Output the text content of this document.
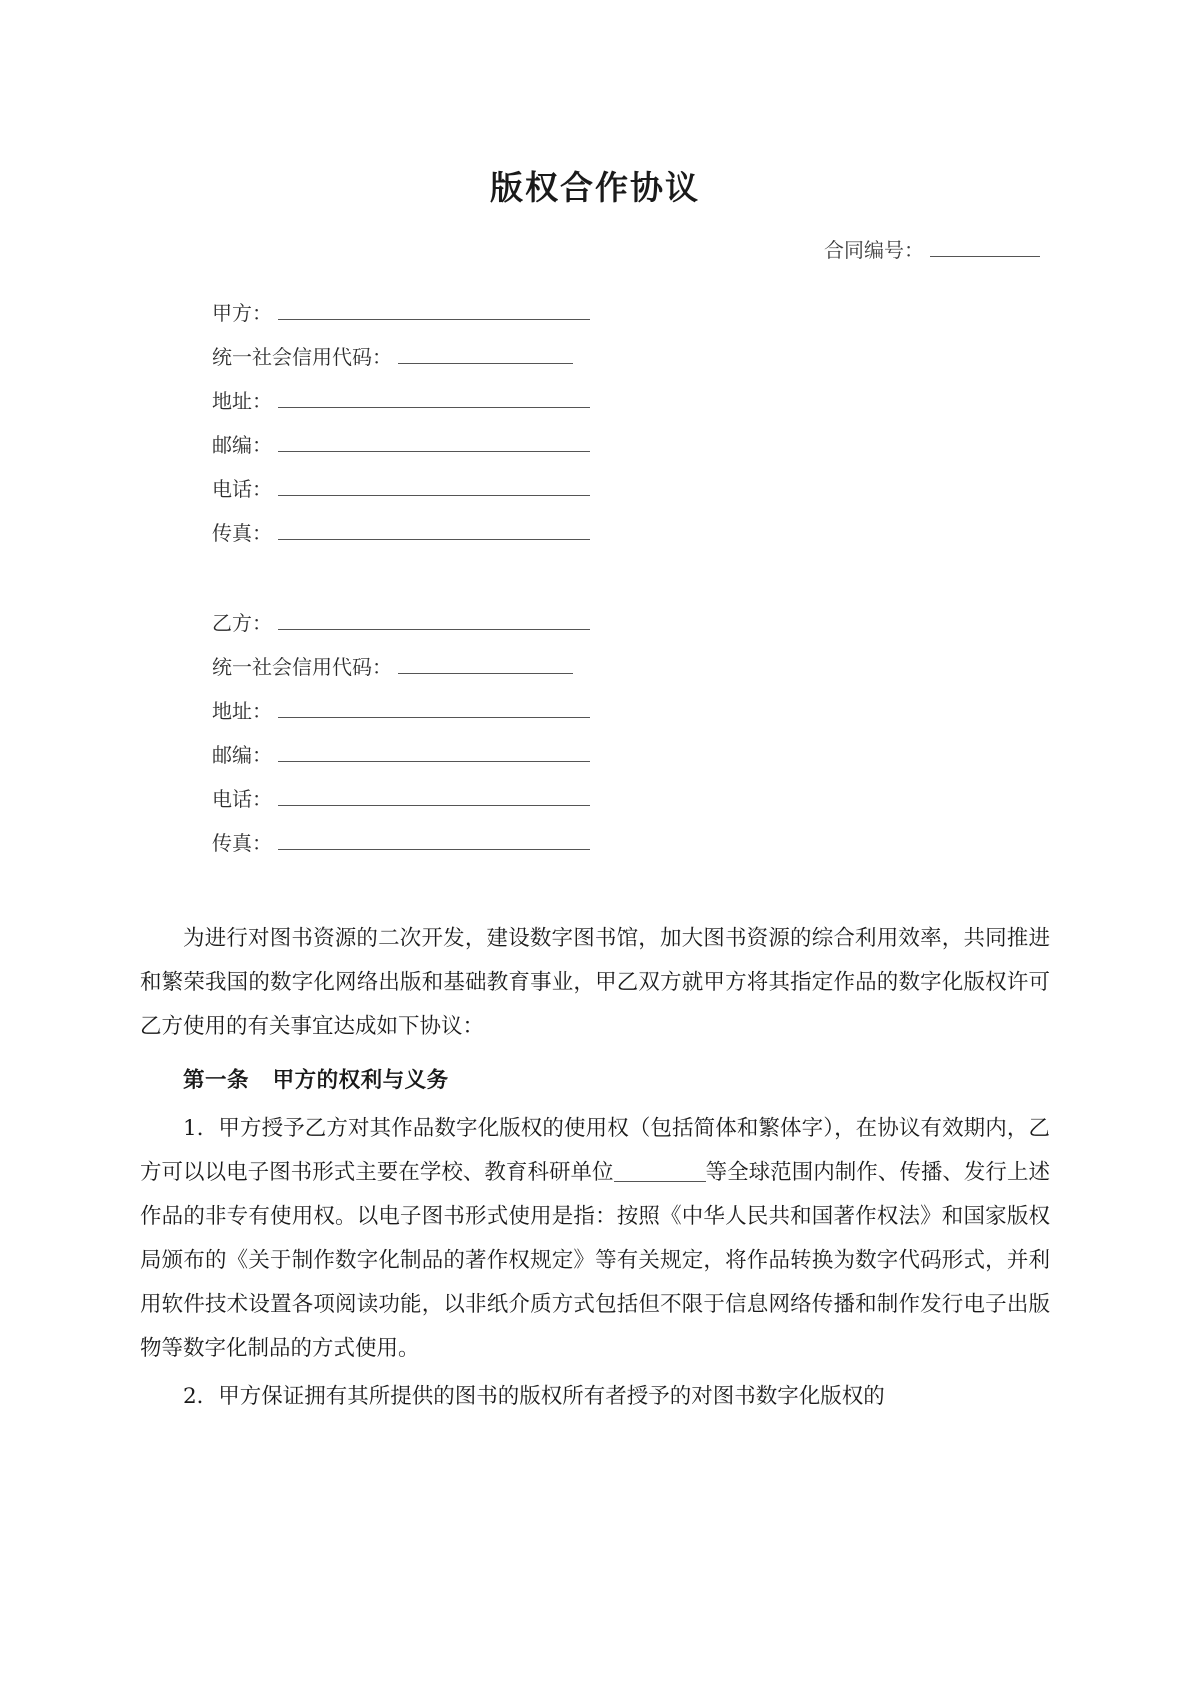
版权合作协议
合同编号：
甲方：
统一社会信用代码：
地址：
邮编：
电话：
传真：
乙方：
统一社会信用代码：
地址：
邮编：
电话：
传真：

为进行对图书资源的二次开发，建设数字图书馆，加大图书资源的综合利用效率，共同推进和繁荣我国的数字化网络出版和基础教育事业，甲乙双方就甲方将其指定作品的数字化版权许可乙方使用的有关事宜达成如下协议：

第一条 甲方的权利与义务

1．甲方授予乙方对其作品数字化版权的使用权（包括简体和繁体字），在协议有效期内，乙方可以以电子图书形式主要在学校、教育科研单位	等全球范围内制作、传播、发行上述作品的非专有使用权。以电子图书形式使用是指：按照《中华人民共和国著作权法》和国家版权局颁布的《关于制作数字化制品的著作权规定》等有关规定，将作品转换为数字代码形式，并利用软件技术设置各项阅读功能，以非纸介质方式包括但不限于信息网络传播和制作发行电子出版物等数字化制品的方式使用。

2．甲方保证拥有其所提供的图书的版权所有者授予的对图书数字化版权的
